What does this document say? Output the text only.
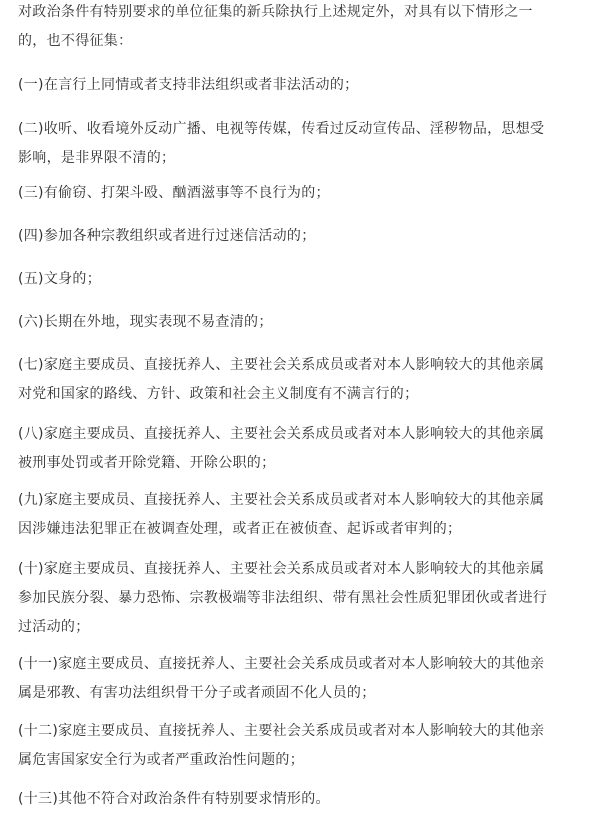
对政治条件有特别要求的单位征集的新兵除执行上述规定外，对具有以下情形之一
的，也不得征集：

(一)在言行上同情或者支持非法组织或者非法活动的；

(二)收听、收看境外反动广播、电视等传媒，传看过反动宣传品、淫秽物品，思想受
影响，是非界限不清的；

(三)有偷窃、打架斗殴、酗酒滋事等不良行为的；

(四)参加各种宗教组织或者进行过迷信活动的；

(五)文身的；

(六)长期在外地，现实表现不易查清的；

(七)家庭主要成员、直接抚养人、主要社会关系成员或者对本人影响较大的其他亲属
对党和国家的路线、方针、政策和社会主义制度有不满言行的；

(八)家庭主要成员、直接抚养人、主要社会关系成员或者对本人影响较大的其他亲属
被刑事处罚或者开除党籍、开除公职的；

(九)家庭主要成员、直接抚养人、主要社会关系成员或者对本人影响较大的其他亲属
因涉嫌违法犯罪正在被调查处理，或者正在被侦查、起诉或者审判的；

(十)家庭主要成员、直接抚养人、主要社会关系成员或者对本人影响较大的其他亲属
参加民族分裂、暴力恐怖、宗教极端等非法组织、带有黑社会性质犯罪团伙或者进行
过活动的；

(十一)家庭主要成员、直接抚养人、主要社会关系成员或者对本人影响较大的其他亲
属是邪教、有害功法组织骨干分子或者顽固不化人员的；

(十二)家庭主要成员、直接抚养人、主要社会关系成员或者对本人影响较大的其他亲
属危害国家安全行为或者严重政治性问题的；

(十三)其他不符合对政治条件有特别要求情形的。
